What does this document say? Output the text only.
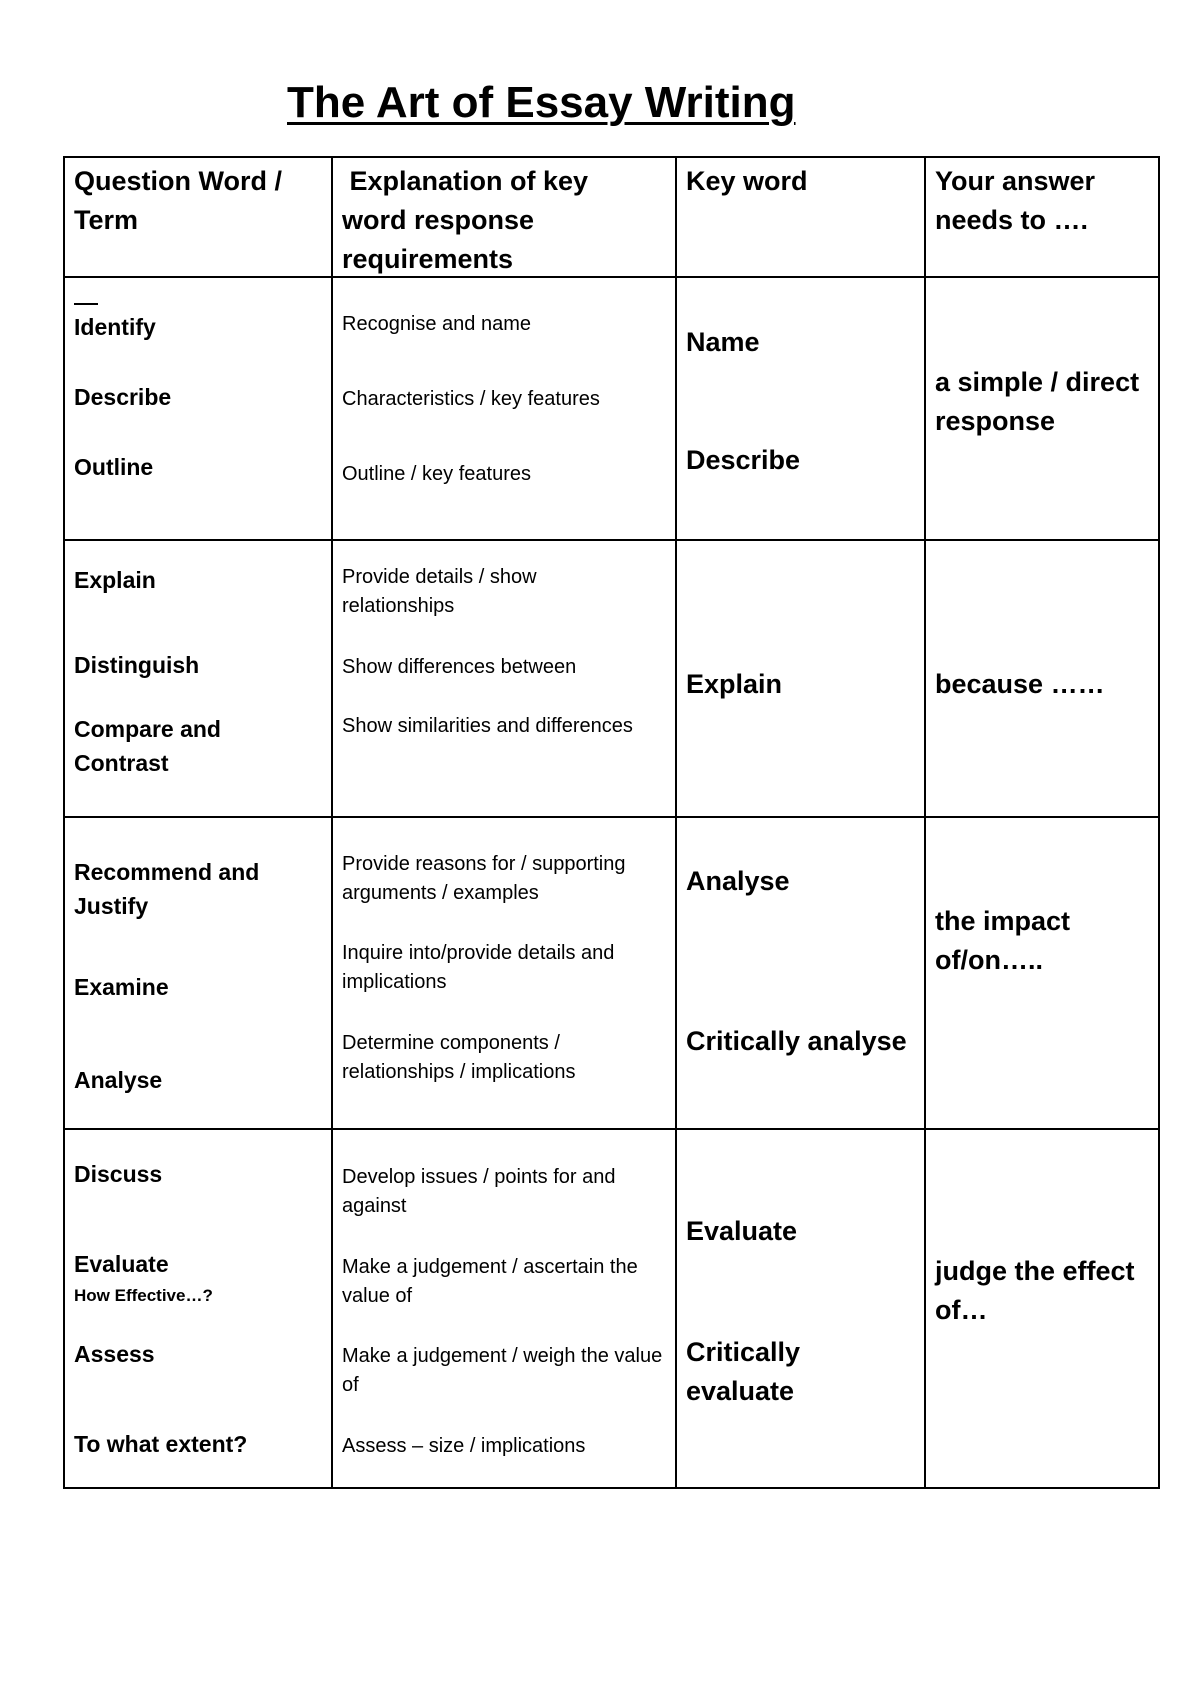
The Art of Essay Writing

Question Word / Term

Explanation of key word response requirements

Key word	Your answer needs to ….

Identify

Describe

Outline

Recognise and name

Characteristics / key features

Outline / key features

Name

Describe

a simple / direct response

Explain

Distinguish

Compare and Contrast

Provide details / show relationships

Show differences between

Show similarities and differences

Explain	because ……

Recommend and Justify

Examine

Analyse

Provide reasons for / supporting arguments / examples

Inquire into/provide details and implications

Determine components / relationships / implications

Analyse

Critically analyse

the impact of/on…..

Discuss

Evaluate

How Effective…?

Assess

To what extent?

Develop issues / points for and against

Make a judgement / ascertain the value of

Make a judgement / weigh the value of

Assess – size / implications

Evaluate

Critically evaluate

judge the effect of…
